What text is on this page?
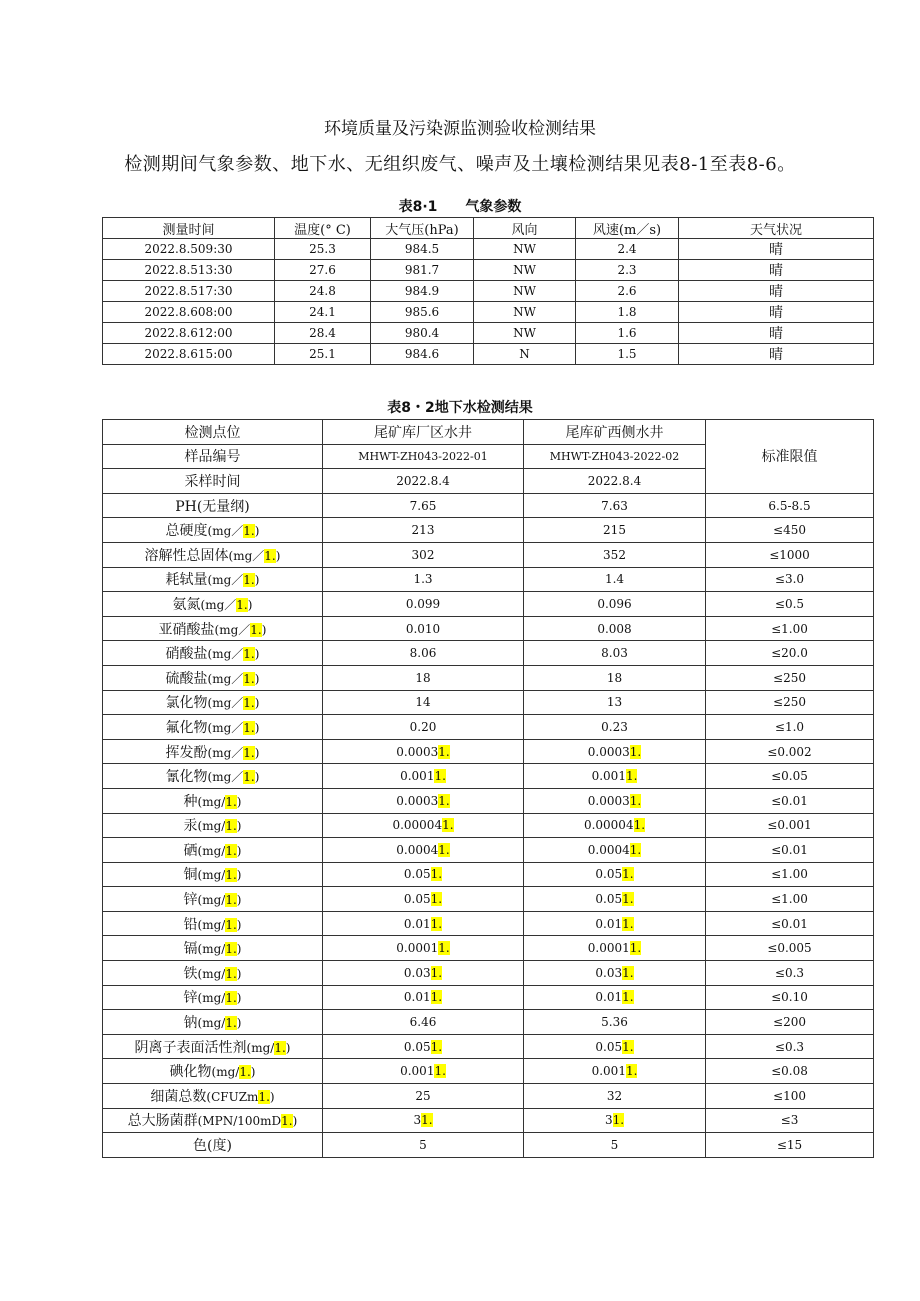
环境质量及污染源监测验收检测结果
检测期间气象参数、地下水、无组织废气、噪声及土壤检测结果见表8-1至表8-6。
表8·1　　气象参数
测量时间	温度(° C)	大气压(hPa)	风向	风速(m／s)	天气状况
2022.8.509:30	25.3	984.5	NW	2.4	晴
2022.8.513:30	27.6	981.7	NW	2.3	晴
2022.8.517:30	24.8	984.9	NW	2.6	晴
2022.8.608:00	24.1	985.6	NW	1.8	晴
2022.8.612:00	28.4	980.4	NW	1.6	晴
2022.8.615:00	25.1	984.6	N	1.5	晴
表8・2地下水检测结果
检测点位	尾矿库厂区水井	尾库矿西侧水井	标准限值
样品编号	MHWT-ZH043-2022-01	MHWT-ZH043-2022-02	
采样时间	2022.8.4	2022.8.4	
PH(无量纲)	7.65	7.63	6.5-8.5
总硬度(mg／1.)	213	215	≤450
溶解性总固体(mg／1.)	302	352	≤1000
耗轼量(mg／1.)	1.3	1.4	≤3.0
氨氮(mg／1.)	0.099	0.096	≤0.5
亚硝酸盐(mg／1.)	0.010	0.008	≤1.00
硝酸盐(mg／1.)	8.06	8.03	≤20.0
硫酸盐(mg／1.)	18	18	≤250
氯化物(mg／1.)	14	13	≤250
氟化物(mg／1.)	0.20	0.23	≤1.0
挥发酚(mg／1.)	0.00031.	0.00031.	≤0.002
氰化物(mg／1.)	0.0011.	0.0011.	≤0.05
种(mg/1.)	0.00031.	0.00031.	≤0.01
汞(mg/1.)	0.000041.	0.000041.	≤0.001
硒(mg/1.)	0.00041.	0.00041.	≤0.01
铜(mg/1.)	0.051.	0.051.	≤1.00
锌(mg/1.)	0.051.	0.051.	≤1.00
铅(mg/1.)	0.011.	0.011.	≤0.01
镉(mg/1.)	0.00011.	0.00011.	≤0.005
铁(mg/1.)	0.031.	0.031.	≤0.3
锌(mg/1.)	0.011.	0.011.	≤0.10
钠(mg/1.)	6.46	5.36	≤200
阴离子表面活性剂(mg/1.)	0.051.	0.051.	≤0.3
碘化物(mg/1.)	0.0011.	0.0011.	≤0.08
细菌总数(CFUZm1.)	25	32	≤100
总大肠菌群(MPN/100mD1.)	31.	31.	≤3
色(度)	5	5	≤15
